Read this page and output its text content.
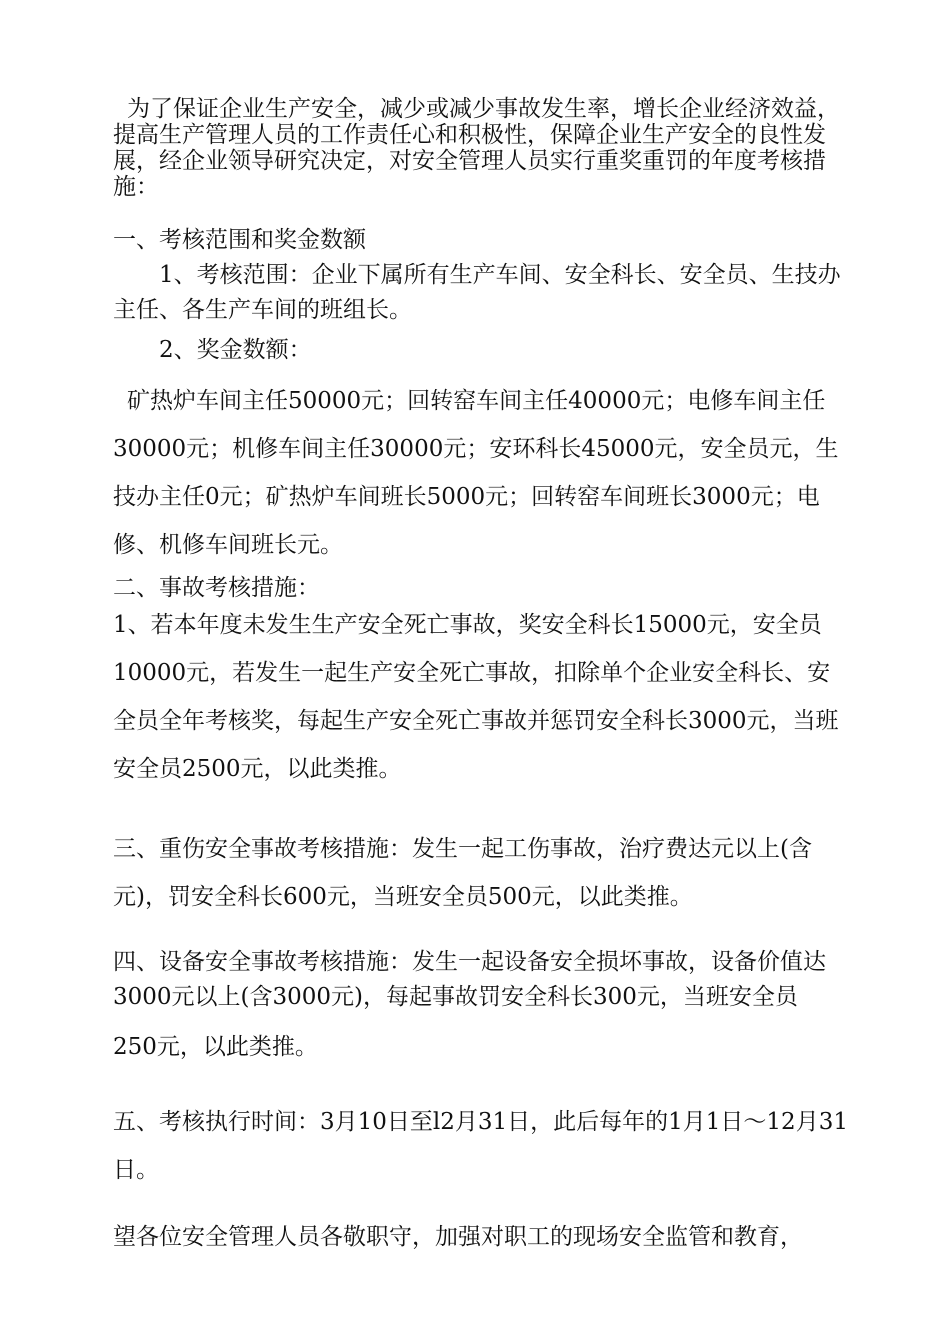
为了保证企业生产安全，减少或减少事故发生率，增长企业经济效益，提高生产管理人员的工作责任心和积极性，保障企业生产安全的良性发展，经企业领导研究决定，对安全管理人员实行重奖重罚的年度考核措施：

一、考核范围和奖金数额

1、考核范围：企业下属所有生产车间、安全科长、安全员、生技办主任、各生产车间的班组长。

2、奖金数额：

矿热炉车间主任50000元；回转窑车间主任40000元；电修车间主任30000元；机修车间主任30000元；安环科长45000元，安全员元，生技办主任0元；矿热炉车间班长5000元；回转窑车间班长3000元；电修、机修车间班长元。

二、事故考核措施：

1、若本年度未发生生产安全死亡事故，奖安全科长15000元，安全员10000元，若发生一起生产安全死亡事故，扣除单个企业安全科长、安全员全年考核奖，每起生产安全死亡事故并惩罚安全科长3000元，当班安全员2500元，以此类推。

三、重伤安全事故考核措施：发生一起工伤事故，治疗费达元以上(含元)，罚安全科长600元，当班安全员500元，以此类推。

四、设备安全事故考核措施：发生一起设备安全损坏事故，设备价值达3000元以上(含3000元)，每起事故罚安全科长300元，当班安全员

250元，以此类推。

五、考核执行时间：3月10日至l2月31日，此后每年的1月1日～12月31日。

望各位安全管理人员各敬职守，加强对职工的现场安全监管和教育，
